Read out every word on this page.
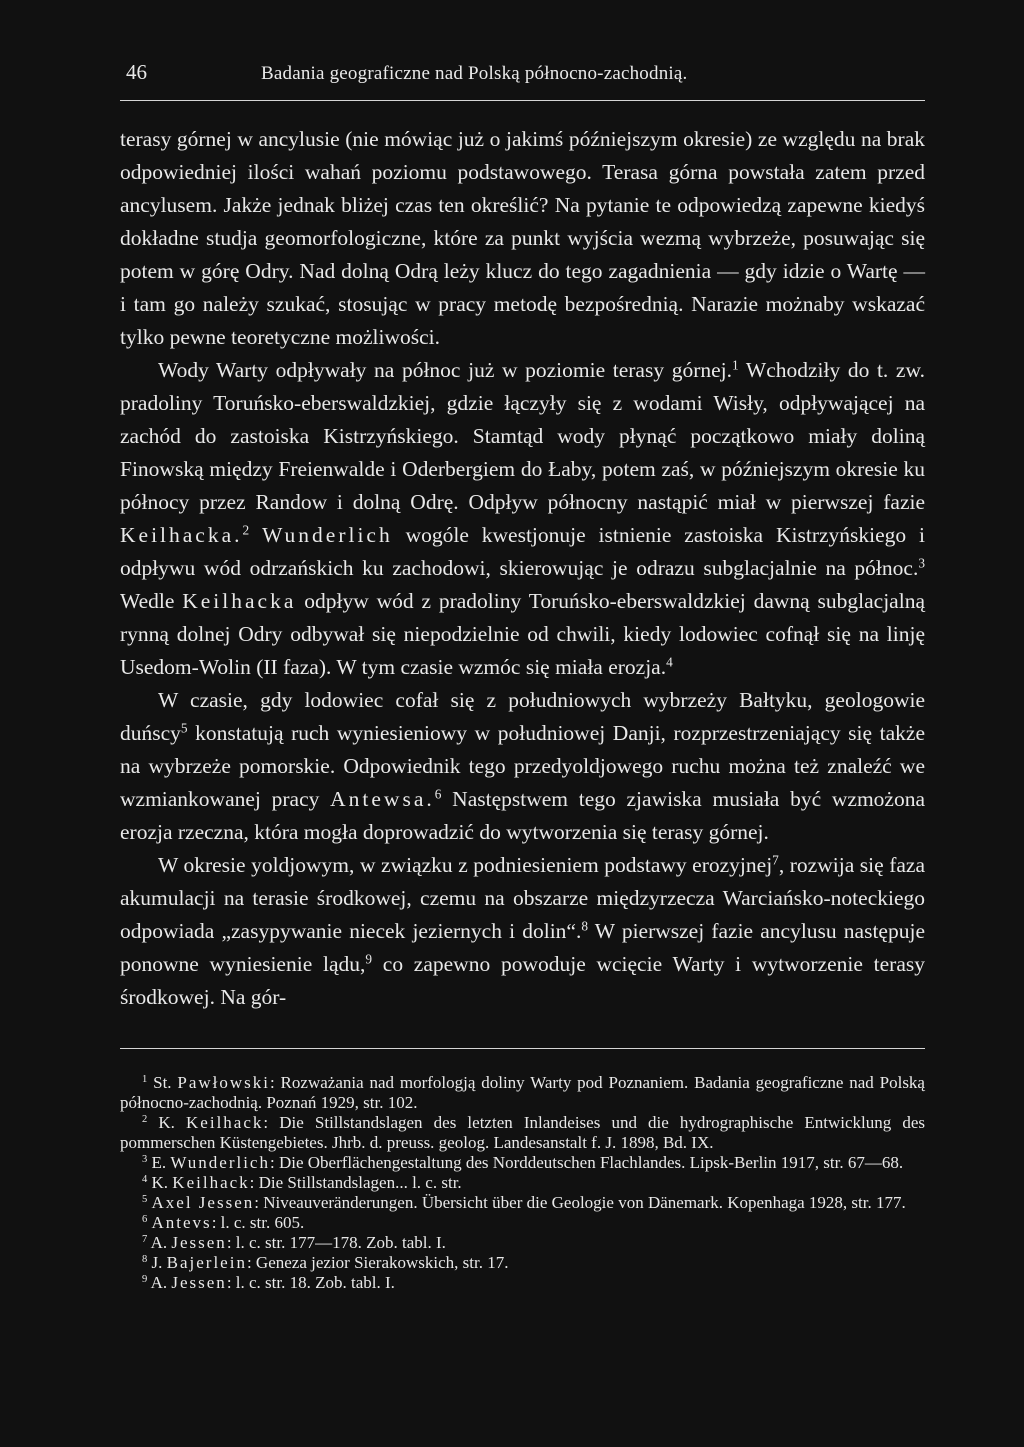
46	Badania geograficzne nad Polską północno-zachodnią.

terasy górnej w ancylusie (nie mówiąc już o jakimś późniejszym okresie) ze względu na brak odpowiedniej ilości wahań poziomu podstawowego. Terasa górna powstała zatem przed ancylusem. Jakże jednak bliżej czas ten określić? Na pytanie te odpowiedzą zapewne kiedyś dokładne studja geomorfologiczne, które za punkt wyjścia wezmą wybrzeże, posuwając się potem w górę Odry. Nad dolną Odrą leży klucz do tego zagadnienia — gdy idzie o Wartę — i tam go należy szukać, stosując w pracy metodę bezpośrednią. Narazie możnaby wskazać tylko pewne teoretyczne możliwości.

Wody Warty odpływały na północ już w poziomie terasy górnej.$^1$ Wchodziły do t. zw. pradoliny Toruńsko-eberswaldzkiej, gdzie łączyły się z wodami Wisły, odpływającej na zachód do zastoiska Kistrzyńskiego. Stamtąd wody płynąć początkowo miały doliną Finowską między Freienwalde i Oderbergiem do Łaby, potem zaś, w późniejszym okresie ku północy przez Randow i dolną Odrę. Odpływ północny nastąpić miał w pierwszej fazie Keilhacka.$^2$ Wunderlich wogóle kwestjonuje istnienie zastoiska Kistrzyńskiego i odpływu wód odrzańskich ku zachodowi, skierowując je odrazu subglacjalnie na północ.$^3$ Wedle Keilhacka odpływ wód z pradoliny Toruńsko-eberswaldzkiej dawną subglacjalną rynną dolnej Odry odbywał się niepodzielnie od chwili, kiedy lodowiec cofnął się na linję Usedom-Wolin (II faza). W tym czasie wzmóc się miała erozja.$^4$

W czasie, gdy lodowiec cofał się z południowych wybrzeży Bałtyku, geologowie duńscy$^5$ konstatują ruch wyniesieniowy w południowej Danji, rozprzestrzeniający się także na wybrzeże pomorskie. Odpowiednik tego przedyoldjowego ruchu można też znaleźć we wzmiankowanej pracy Antewsa.$^6$ Następstwem tego zjawiska musiała być wzmożona erozja rzeczna, która mogła doprowadzić do wytworzenia się terasy górnej.

W okresie yoldjowym, w związku z podniesieniem podstawy erozyjnej$^7$, rozwija się faza akumulacji na terasie środkowej, czemu na obszarze międzyrzecza Warciańsko-noteckiego odpowiada „zasypywanie niecek jeziernych i dolin“.$^8$ W pierwszej fazie ancylusu następuje ponowne wyniesienie lądu,$^9$ co zapewno powoduje wcięcie Warty i wytworzenie terasy środkowej. Na gór-

$^1$ St. Pawłowski: Rozważania nad morfologją doliny Warty pod Poznaniem. Badania geograficzne nad Polską północno-zachodnią. Poznań 1929, str. 102.

$^2$ K. Keilhack: Die Stillstandslagen des letzten Inlandeises und die hydrographische Entwicklung des pommerschen Küstengebietes. Jhrb. d. preuss. geolog. Landesanstalt f. J. 1898, Bd. IX.

$^3$ E. Wunderlich: Die Oberflächengestaltung des Norddeutschen Flachlandes. Lipsk-Berlin 1917, str. 67—68.

$^4$ K. Keilhack: Die Stillstandslagen... l. c. str.

$^5$ Axel Jessen: Niveauveränderungen. Übersicht über die Geologie von Dänemark. Kopenhaga 1928, str. 177.

$^6$ Antevs: l. c. str. 605.

$^7$ A. Jessen: l. c. str. 177—178. Zob. tabl. I.

$^8$ J. Bajerlein: Geneza jezior Sierakowskich, str. 17.

$^9$ A. Jessen: l. c. str. 18. Zob. tabl. I.
